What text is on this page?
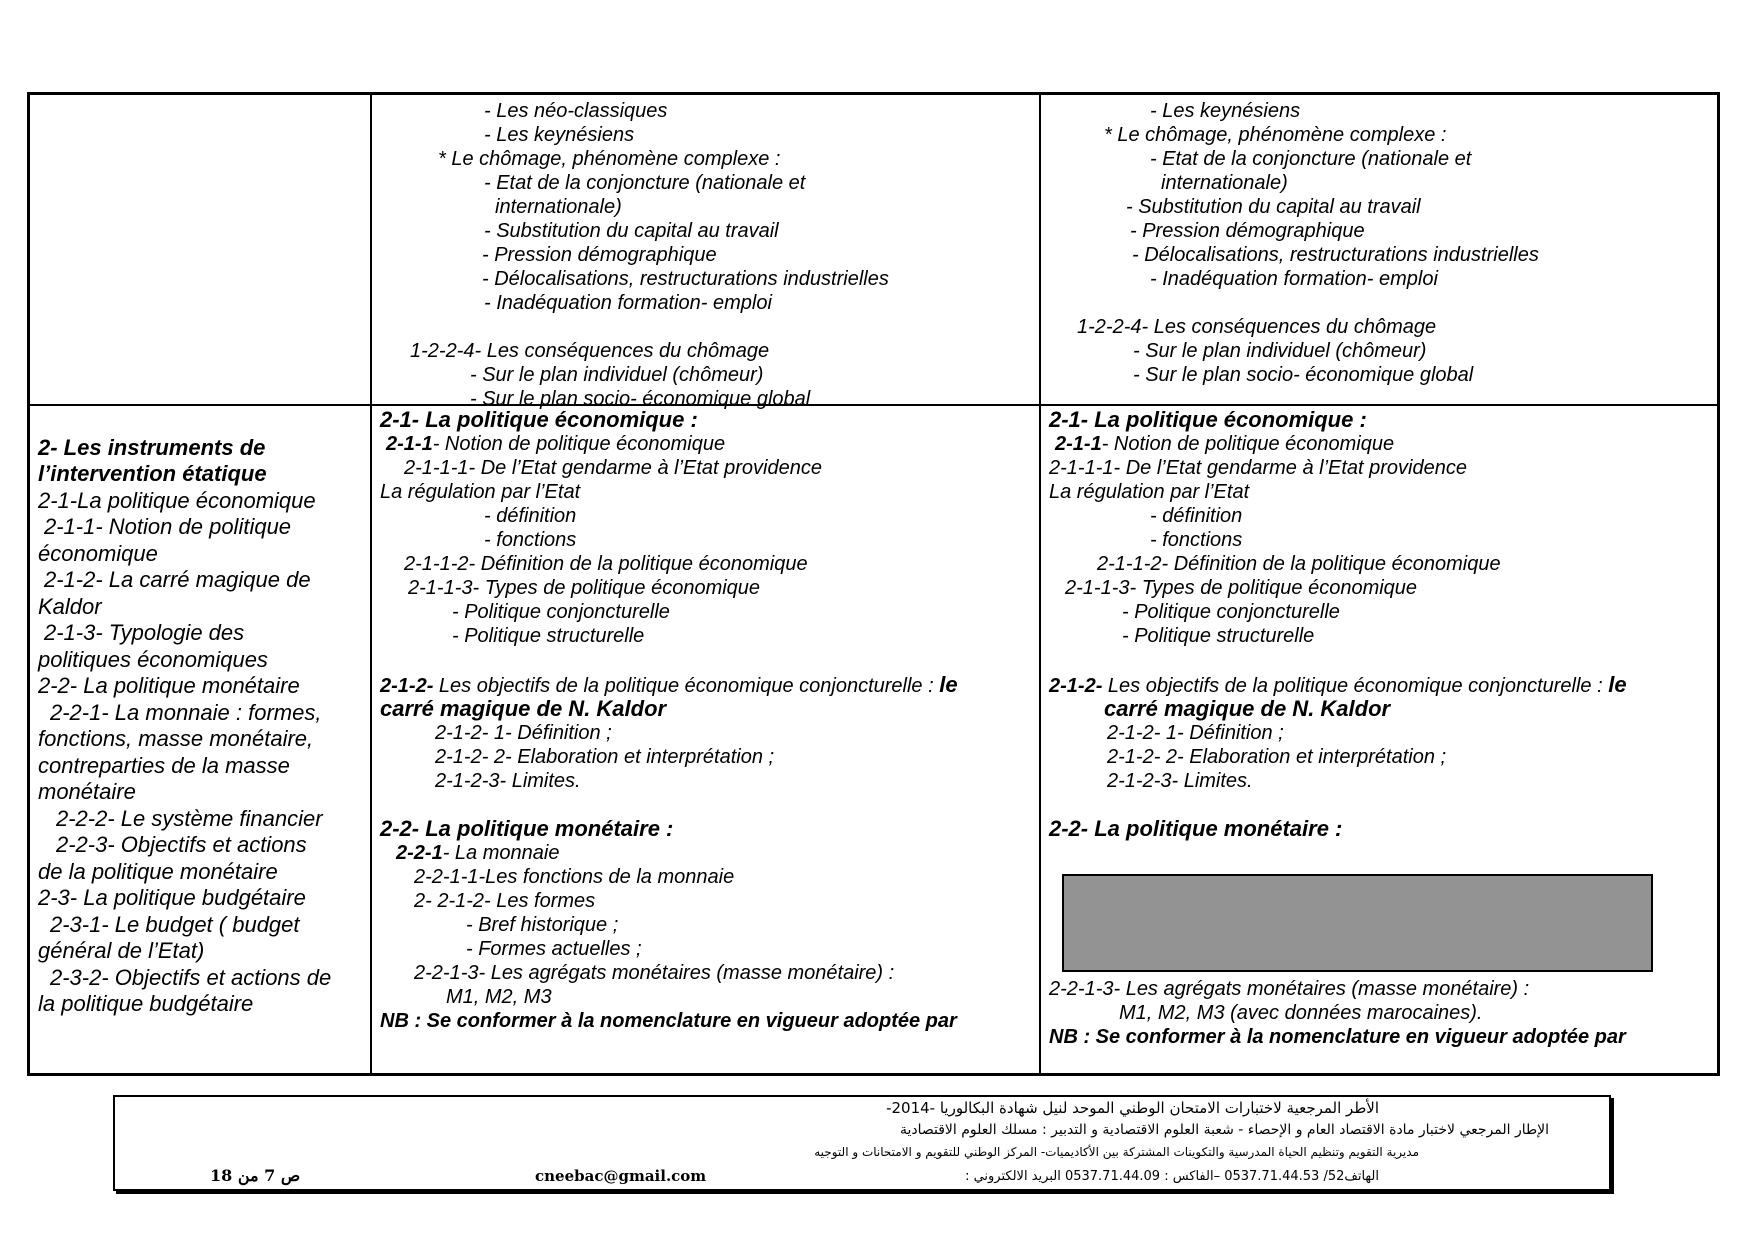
- Les néo-classiques
- Les keynésiens
* Le chômage, phénomène complexe :
- Etat de la conjoncture (nationale et
internationale)
- Substitution du capital au travail
- Pression démographique
- Délocalisations, restructurations industrielles
- Inadéquation formation- emploi
1-2-2-4- Les conséquences du chômage
- Sur le plan individuel (chômeur)
- Sur le plan socio- économique global
- Les keynésiens
* Le chômage, phénomène complexe :
- Etat de la conjoncture (nationale et
internationale)
- Substitution du capital au travail
- Pression démographique
- Délocalisations, restructurations industrielles
- Inadéquation formation- emploi
1-2-2-4- Les conséquences du chômage
- Sur le plan individuel (chômeur)
- Sur le plan socio- économique global
2- Les instruments de
l’intervention étatique
2-1-La politique économique
2-1-1- Notion de politique
économique
2-1-2- La carré magique de
Kaldor
2-1-3- Typologie des
politiques économiques
2-2- La politique monétaire
2-2-1- La monnaie : formes,
fonctions, masse monétaire,
contreparties de la masse
monétaire
2-2-2- Le système financier
2-2-3- Objectifs et actions
de la politique monétaire
2-3- La politique budgétaire
2-3-1- Le budget ( budget
général de l’Etat)
2-3-2- Objectifs et actions de
la politique budgétaire
2-1- La politique économique :
2-1-1- Notion de politique économique
2-1-1-1- De l’Etat gendarme à l’Etat providence
La régulation par l’Etat
- définition
- fonctions
2-1-1-2- Définition de la politique économique
2-1-1-3- Types de politique économique
- Politique conjoncturelle
- Politique structurelle
2-1-2- Les objectifs de la politique économique conjoncturelle : le
carré magique de N. Kaldor
2-1-2- 1- Définition ;
2-1-2- 2- Elaboration et interprétation ;
2-1-2-3- Limites.
2-2- La politique monétaire :
2-2-1- La monnaie
2-2-1-1-Les fonctions de la monnaie
2- 2-1-2- Les formes
- Bref historique ;
- Formes actuelles ;
2-2-1-3- Les agrégats monétaires (masse monétaire) :
M1, M2, M3
NB : Se conformer à la nomenclature en vigueur adoptée par
2-1- La politique économique :
2-1-1- Notion de politique économique
2-1-1-1- De l’Etat gendarme à l’Etat providence
La régulation par l’Etat
- définition
- fonctions
2-1-1-2- Définition de la politique économique
2-1-1-3- Types de politique économique
- Politique conjoncturelle
- Politique structurelle
2-1-2- Les objectifs de la politique économique conjoncturelle : le
carré magique de N. Kaldor
2-1-2- 1- Définition ;
2-1-2- 2- Elaboration et interprétation ;
2-1-2-3- Limites.
2-2- La politique monétaire :
2-2-1-3- Les agrégats monétaires (masse monétaire) :
M1, M2, M3 (avec données marocaines).
NB : Se conformer à la nomenclature en vigueur adoptée par
الأطر المرجعية لاختبارات الامتحان الوطني الموحد لنيل شهادة البكالوريا -2014-
الإطار المرجعي لاختبار مادة الاقتصاد العام و الإحصاء - شعبة العلوم الاقتصادية و التدبير : مسلك العلوم الاقتصادية
مديرية التقويم وتنظيم الحياة المدرسية والتكوينات المشتركة بين الأكاديميات- المركز الوطني للتقويم و الامتحانات و التوجيه
الهاتف52/ 0537.71.44.53 –الفاكس : 0537.71.44.09 البريد الالكتروني :
cneebac@gmail.com
ص 7 من 18
